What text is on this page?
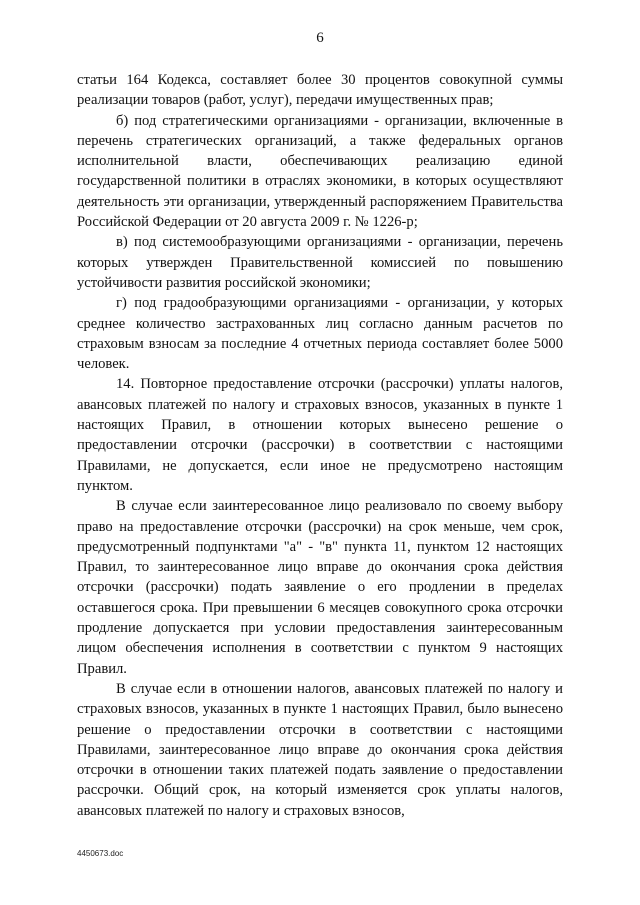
6

статьи 164 Кодекса, составляет более 30 процентов совокупной суммы реализации товаров (работ, услуг), передачи имущественных прав;

б) под стратегическими организациями - организации, включенные в перечень стратегических организаций, а также федеральных органов исполнительной власти, обеспечивающих реализацию единой государственной политики в отраслях экономики, в которых осуществляют деятельность эти организации, утвержденный распоряжением Правительства Российской Федерации от 20 августа 2009 г. № 1226-р;

в) под системообразующими организациями - организации, перечень которых утвержден Правительственной комиссией по повышению устойчивости развития российской экономики;

г) под градообразующими организациями - организации, у которых среднее количество застрахованных лиц согласно данным расчетов по страховым взносам за последние 4 отчетных периода составляет более 5000 человек.

14. Повторное предоставление отсрочки (рассрочки) уплаты налогов, авансовых платежей по налогу и страховых взносов, указанных в пункте 1 настоящих Правил, в отношении которых вынесено решение о предоставлении отсрочки (рассрочки) в соответствии с настоящими Правилами, не допускается, если иное не предусмотрено настоящим пунктом.

В случае если заинтересованное лицо реализовало по своему выбору право на предоставление отсрочки (рассрочки) на срок меньше, чем срок, предусмотренный подпунктами "а" - "в" пункта 11, пунктом 12 настоящих Правил, то заинтересованное лицо вправе до окончания срока действия отсрочки (рассрочки) подать заявление о его продлении в пределах оставшегося срока. При превышении 6 месяцев совокупного срока отсрочки продление допускается при условии предоставления заинтересованным лицом обеспечения исполнения в соответствии с пунктом 9 настоящих Правил.

В случае если в отношении налогов, авансовых платежей по налогу и страховых взносов, указанных в пункте 1 настоящих Правил, было вынесено решение о предоставлении отсрочки в соответствии с настоящими Правилами, заинтересованное лицо вправе до окончания срока действия отсрочки в отношении таких платежей подать заявление о предоставлении рассрочки. Общий срок, на который изменяется срок уплаты налогов, авансовых платежей по налогу и страховых взносов,

4450673.doc
